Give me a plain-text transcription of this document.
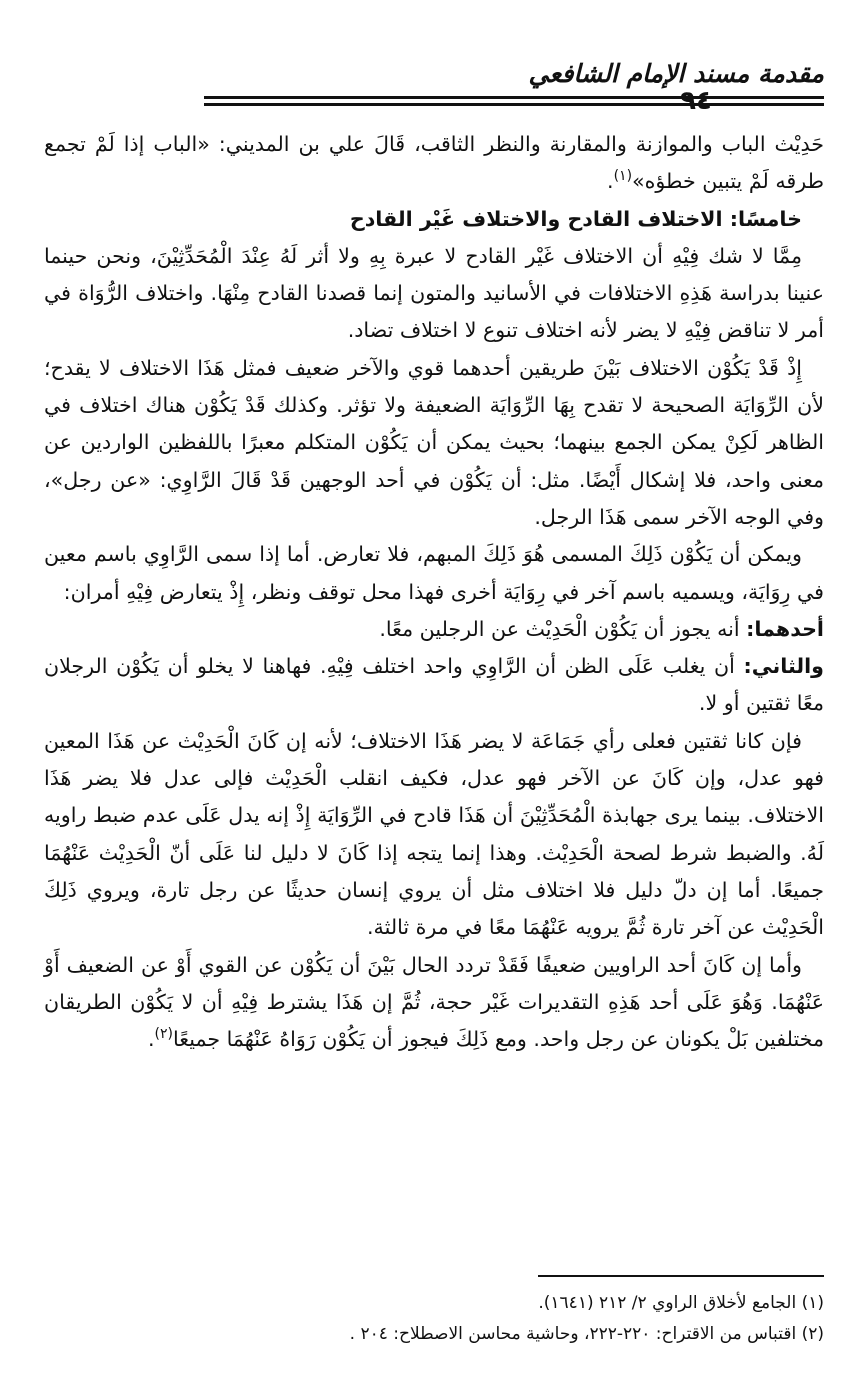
مقدمة مسند الإمام الشافعي
٩٤

حَدِيْث الباب والموازنة والمقارنة والنظر الثاقب، قَالَ علي بن المديني: «الباب إذا لَمْ تجمع طرقه لَمْ يتبين خطؤه»$^{(١)}$.

خامسًا: الاختلاف القادح والاختلاف غَيْر القادح

مِمَّا لا شك فِيْهِ أن الاختلاف غَيْر القادح لا عبرة بِهِ ولا أثر لَهُ عِنْدَ الْمُحَدِّثِيْنَ، ونحن حينما عنينا بدراسة هَذِهِ الاختلافات في الأسانيد والمتون إنما قصدنا القادح مِنْهَا. واختلاف الرُّوَاة في أمر لا تناقض فِيْهِ لا يضر لأنه اختلاف تنوع لا اختلاف تضاد.

إِذْ قَدْ يَكُوْن الاختلاف بَيْنَ طريقين أحدهما قوي والآخر ضعيف فمثل هَذَا الاختلاف لا يقدح؛ لأن الرِّوَايَة الصحيحة لا تقدح بِهَا الرِّوَايَة الضعيفة ولا تؤثر. وكذلك قَدْ يَكُوْن هناك اختلاف في الظاهر لَكِنْ يمكن الجمع بينهما؛ بحيث يمكن أن يَكُوْن المتكلم معبرًا باللفظين الواردين عن معنى واحد، فلا إشكال أَيْضًا. مثل: أن يَكُوْن في أحد الوجهين قَدْ قَالَ الرَّاوِي: «عن رجل»، وفي الوجه الآخر سمى هَذَا الرجل.

ويمكن أن يَكُوْن ذَلِكَ المسمى هُوَ ذَلِكَ المبهم، فلا تعارض. أما إذا سمى الرَّاوِي باسم معين في رِوَايَة، ويسميه باسم آخر في رِوَايَة أخرى فهذا محل توقف ونظر، إِذْ يتعارض فِيْهِ أمران:

أحدهما: أنه يجوز أن يَكُوْن الْحَدِيْث عن الرجلين معًا.

والثاني: أن يغلب عَلَى الظن أن الرَّاوِي واحد اختلف فِيْهِ. فهاهنا لا يخلو أن يَكُوْن الرجلان معًا ثقتين أو لا.

فإن كانا ثقتين فعلى رأي جَمَاعَة لا يضر هَذَا الاختلاف؛ لأنه إن كَانَ الْحَدِيْث عن هَذَا المعين فهو عدل، وإن كَانَ عن الآخر فهو عدل، فكيف انقلب الْحَدِيْث فإلى عدل فلا يضر هَذَا الاختلاف. بينما يرى جهابذة الْمُحَدِّثِيْنَ أن هَذَا قادح في الرِّوَايَة إِذْ إنه يدل عَلَى عدم ضبط راويه لَهُ. والضبط شرط لصحة الْحَدِيْث. وهذا إنما يتجه إذا كَانَ لا دليل لنا عَلَى أنّ الْحَدِيْث عَنْهُمَا جميعًا. أما إن دلّ دليل فلا اختلاف مثل أن يروي إنسان حديثًا عن رجل تارة، ويروي ذَلِكَ الْحَدِيْث عن آخر تارة ثُمَّ يرويه عَنْهُمَا معًا في مرة ثالثة.

وأما إن كَانَ أحد الراويين ضعيفًا فَقَدْ تردد الحال بَيْنَ أن يَكُوْن عن القوي أَوْ عن الضعيف أَوْ عَنْهُمَا. وَهُوَ عَلَى أحد هَذِهِ التقديرات غَيْر حجة، ثُمَّ إن هَذَا يشترط فِيْهِ أن لا يَكُوْن الطريقان مختلفين بَلْ يكونان عن رجل واحد. ومع ذَلِكَ فيجوز أن يَكُوْن رَوَاهُ عَنْهُمَا جميعًا$^{(٢)}$.

(١) الجامع لأخلاق الراوي ٢/ ٢١٢ (١٦٤١).

(٢) اقتباس من الاقتراح: ٢٢٠-٢٢٢، وحاشية محاسن الاصطلاح: ٢٠٤ .
